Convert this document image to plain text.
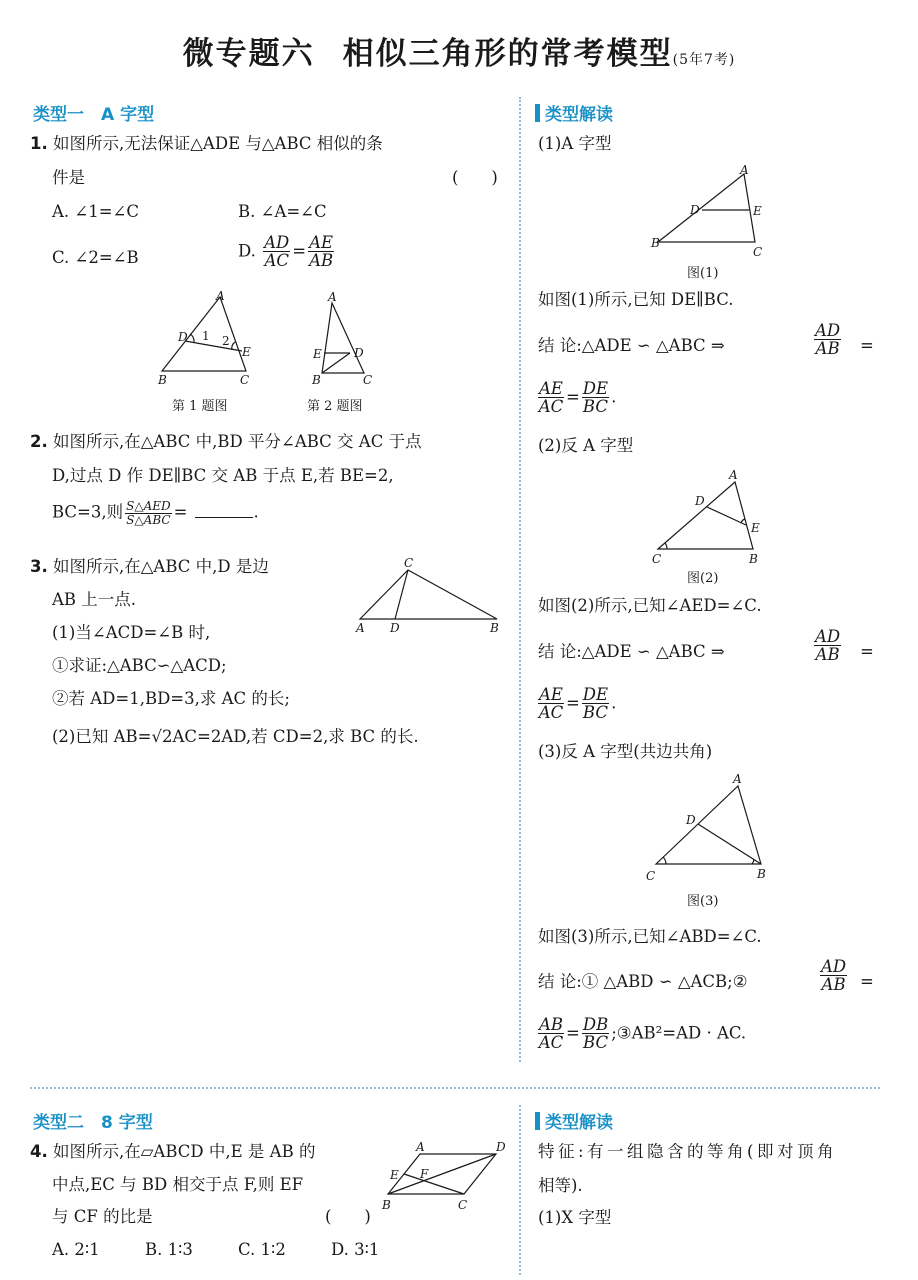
微专题六 相似三角形的常考模型(5年7考)
类型一　A 字型
1. 如图所示,无法保证△ADE 与△ABC 相似的条
件是	(　　)
A. ∠1=∠C	B. ∠A=∠C
C. ∠2=∠B	D. $\frac{AD}{AC} = \frac{AE}{AB}$
A
D 1 2
E
B	C
第 1 题图
A
E	D
B	C
第 2 题图
2. 如图所示,在△ABC 中,BD 平分∠ABC 交 AC 于点
D,过点 D 作 DE∥BC 交 AB 于点 E,若 BE=2,
BC=3,则 $\frac{\text{S△AED}}{\text{S△ABC}}$ =	.
3. 如图所示,在△ABC 中,D 是边
AB 上一点.
(1)当∠ACD=∠B 时,
①求证:△ABC∽△ACD;
②若 AD=1,BD=3,求 AC 的长;
(2)已知 AB=√2AC=2AD,若 CD=2,求 BC 的长.
C
A D	B
类型解读
(1)A 字型
A
D	E
B
C
图(1)
如图(1)所示,已知 DE∥BC.
结 论:△ADE ∽ △ABC ⇒	$\frac{AD}{AB}$ =
$\frac{AE}{AC} = \frac{DE}{BC}$ .
(2)反 A 字型
A
D
E
C	B
图(2)
如图(2)所示,已知∠AED=∠C.
结 论:△ADE ∽ △ABC ⇒	$\frac{AD}{AB}$ =
$\frac{AE}{AC} = \frac{DE}{BC}$ .
(3)反 A 字型(共边共角)
A
D
C	B
图(3)
如图(3)所示,已知∠ABD=∠C.
结 论:① △ABD ∽ △ACB;②	$\frac{AD}{AB}$ =
$\frac{AB}{AC} = \frac{DB}{BC}$ ;③AB²=AD · AC.
类型二　8 字型
4. 如图所示,在▱ABCD 中,E 是 AB 的
中点,EC 与 BD 相交于点 F,则 EF
与 CF 的比是	(　　)
A. 2∶1	B. 1∶3	C. 1∶2	D. 3∶1
A	D
E F
B	C
类型解读
特征:有一组隐含的等角(即对顶角
相等).
(1)X 字型
